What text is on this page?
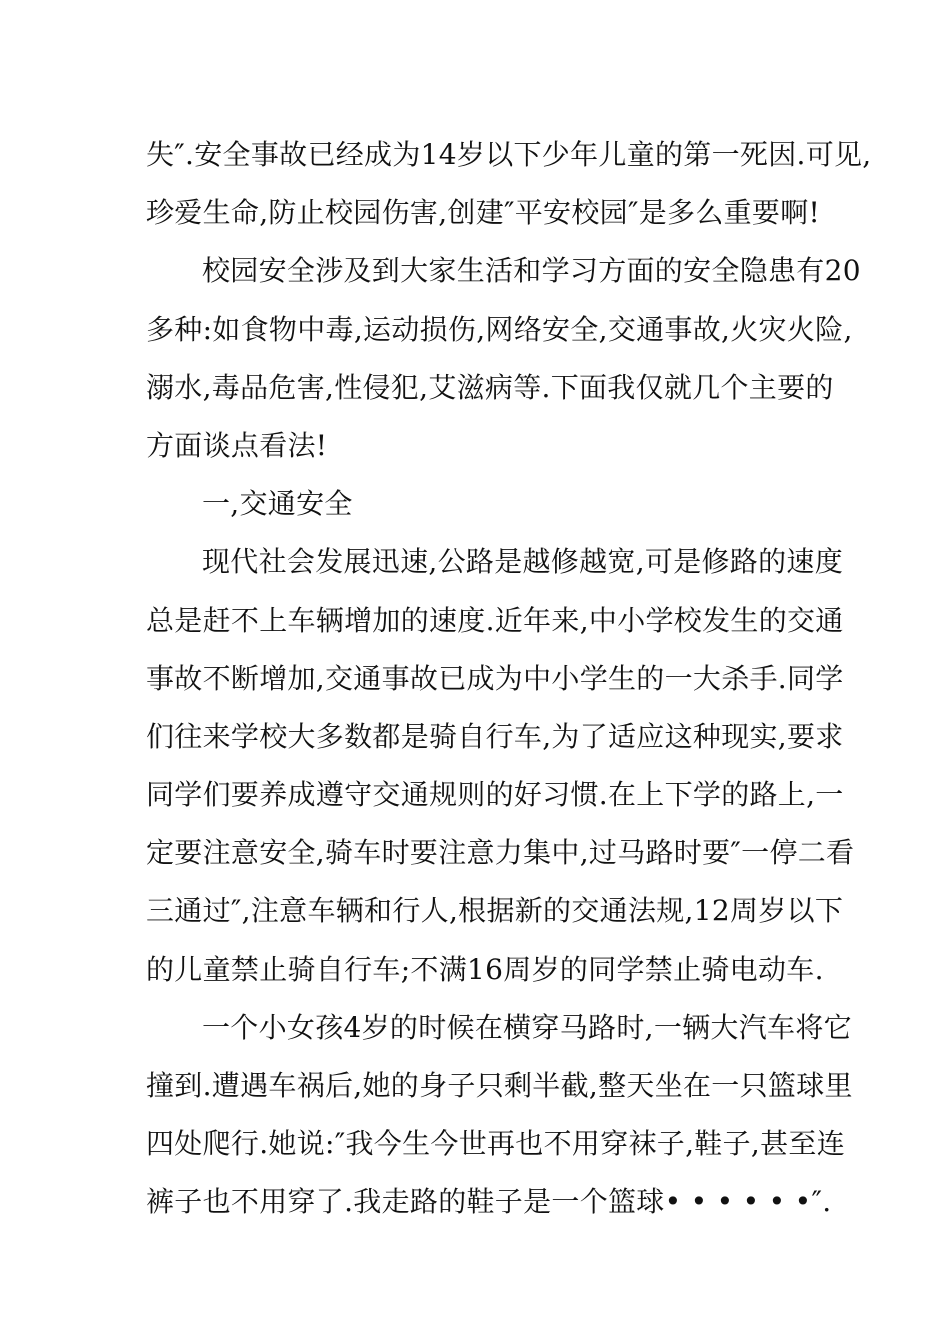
失″.安全事故已经成为14岁以下少年儿童的第一死因.可见,
珍爱生命,防止校园伤害,创建″平安校园″是多么重要啊!
校园安全涉及到大家生活和学习方面的安全隐患有20
多种:如食物中毒,运动损伤,网络安全,交通事故,火灾火险,
溺水,毒品危害,性侵犯,艾滋病等.下面我仅就几个主要的
方面谈点看法!
一,交通安全
现代社会发展迅速,公路是越修越宽,可是修路的速度
总是赶不上车辆增加的速度.近年来,中小学校发生的交通
事故不断增加,交通事故已成为中小学生的一大杀手.同学
们往来学校大多数都是骑自行车,为了适应这种现实,要求
同学们要养成遵守交通规则的好习惯.在上下学的路上,一
定要注意安全,骑车时要注意力集中,过马路时要″一停二看
三通过″,注意车辆和行人,根据新的交通法规,12周岁以下
的儿童禁止骑自行车;不满16周岁的同学禁止骑电动车.
一个小女孩4岁的时候在横穿马路时,一辆大汽车将它
撞到.遭遇车祸后,她的身子只剩半截,整天坐在一只篮球里
四处爬行.她说:″我今生今世再也不用穿袜子,鞋子,甚至连
裤子也不用穿了.我走路的鞋子是一个篮球• • • • • •″.
